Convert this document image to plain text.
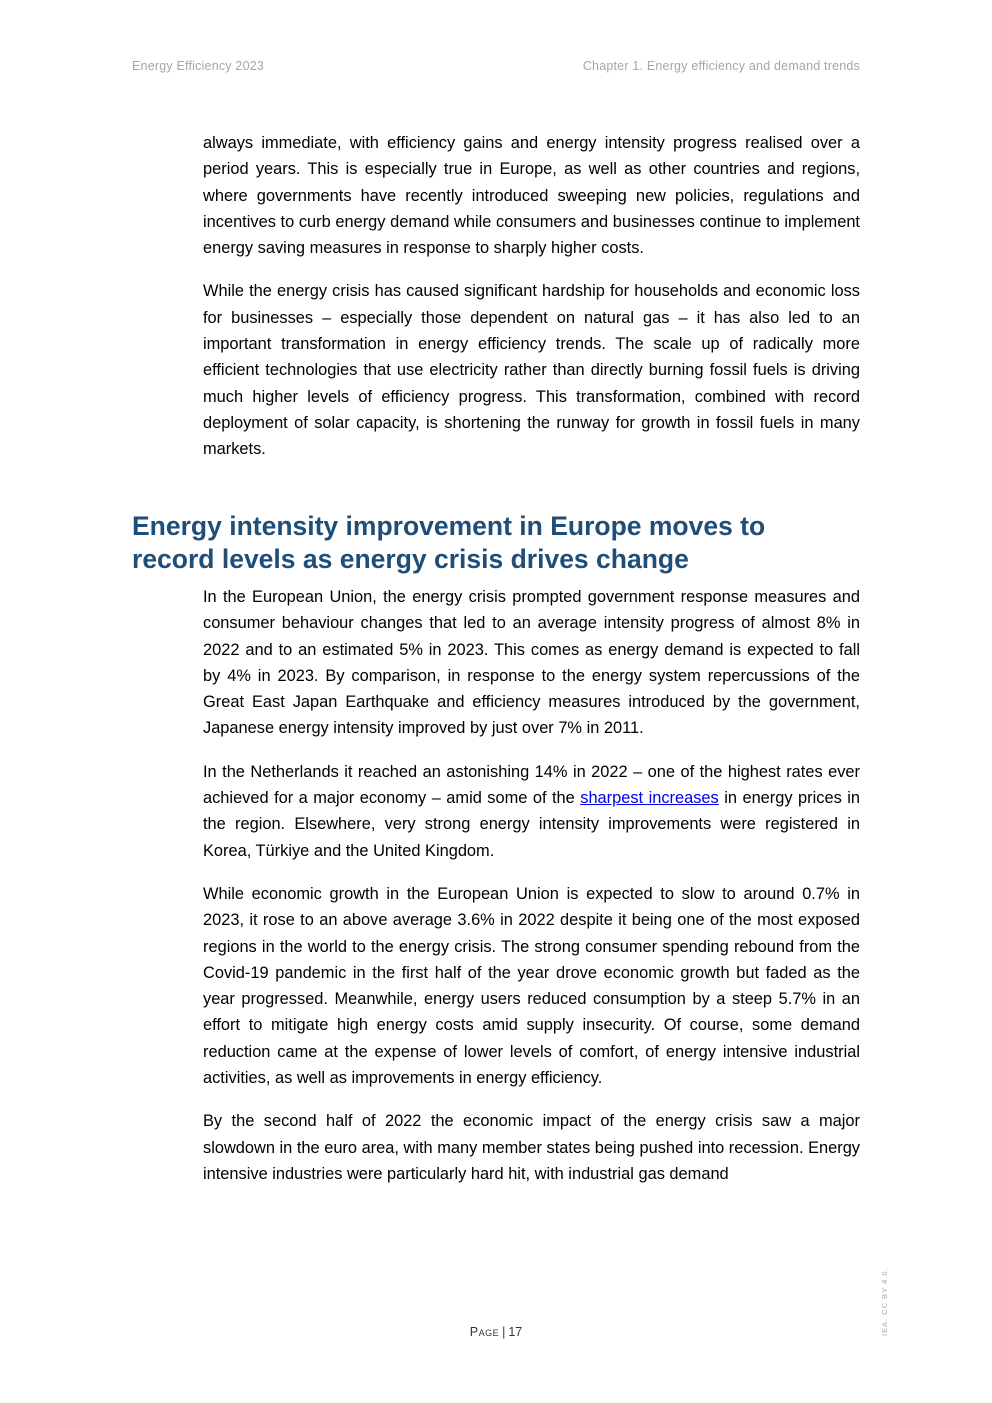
Energy Efficiency 2023	Chapter 1. Energy efficiency and demand trends

always immediate, with efficiency gains and energy intensity progress realised over a period years. This is especially true in Europe, as well as other countries and regions, where governments have recently introduced sweeping new policies, regulations and incentives to curb energy demand while consumers and businesses continue to implement energy saving measures in response to sharply higher costs.

While the energy crisis has caused significant hardship for households and economic loss for businesses – especially those dependent on natural gas – it has also led to an important transformation in energy efficiency trends. The scale up of radically more efficient technologies that use electricity rather than directly burning fossil fuels is driving much higher levels of efficiency progress. This transformation, combined with record deployment of solar capacity, is shortening the runway for growth in fossil fuels in many markets.

Energy intensity improvement in Europe moves to record levels as energy crisis drives change

In the European Union, the energy crisis prompted government response measures and consumer behaviour changes that led to an average intensity progress of almost 8% in 2022 and to an estimated 5% in 2023. This comes as energy demand is expected to fall by 4% in 2023. By comparison, in response to the energy system repercussions of the Great East Japan Earthquake and efficiency measures introduced by the government, Japanese energy intensity improved by just over 7% in 2011.

In the Netherlands it reached an astonishing 14% in 2022 – one of the highest rates ever achieved for a major economy – amid some of the sharpest increases in energy prices in the region. Elsewhere, very strong energy intensity improvements were registered in Korea, Türkiye and the United Kingdom.

While economic growth in the European Union is expected to slow to around 0.7% in 2023, it rose to an above average 3.6% in 2022 despite it being one of the most exposed regions in the world to the energy crisis. The strong consumer spending rebound from the Covid-19 pandemic in the first half of the year drove economic growth but faded as the year progressed. Meanwhile, energy users reduced consumption by a steep 5.7% in an effort to mitigate high energy costs amid supply insecurity. Of course, some demand reduction came at the expense of lower levels of comfort, of energy intensive industrial activities, as well as improvements in energy efficiency.

By the second half of 2022 the economic impact of the energy crisis saw a major slowdown in the euro area, with many member states being pushed into recession. Energy intensive industries were particularly hard hit, with industrial gas demand

Page | 17	IEA. CC BY 4.0.
